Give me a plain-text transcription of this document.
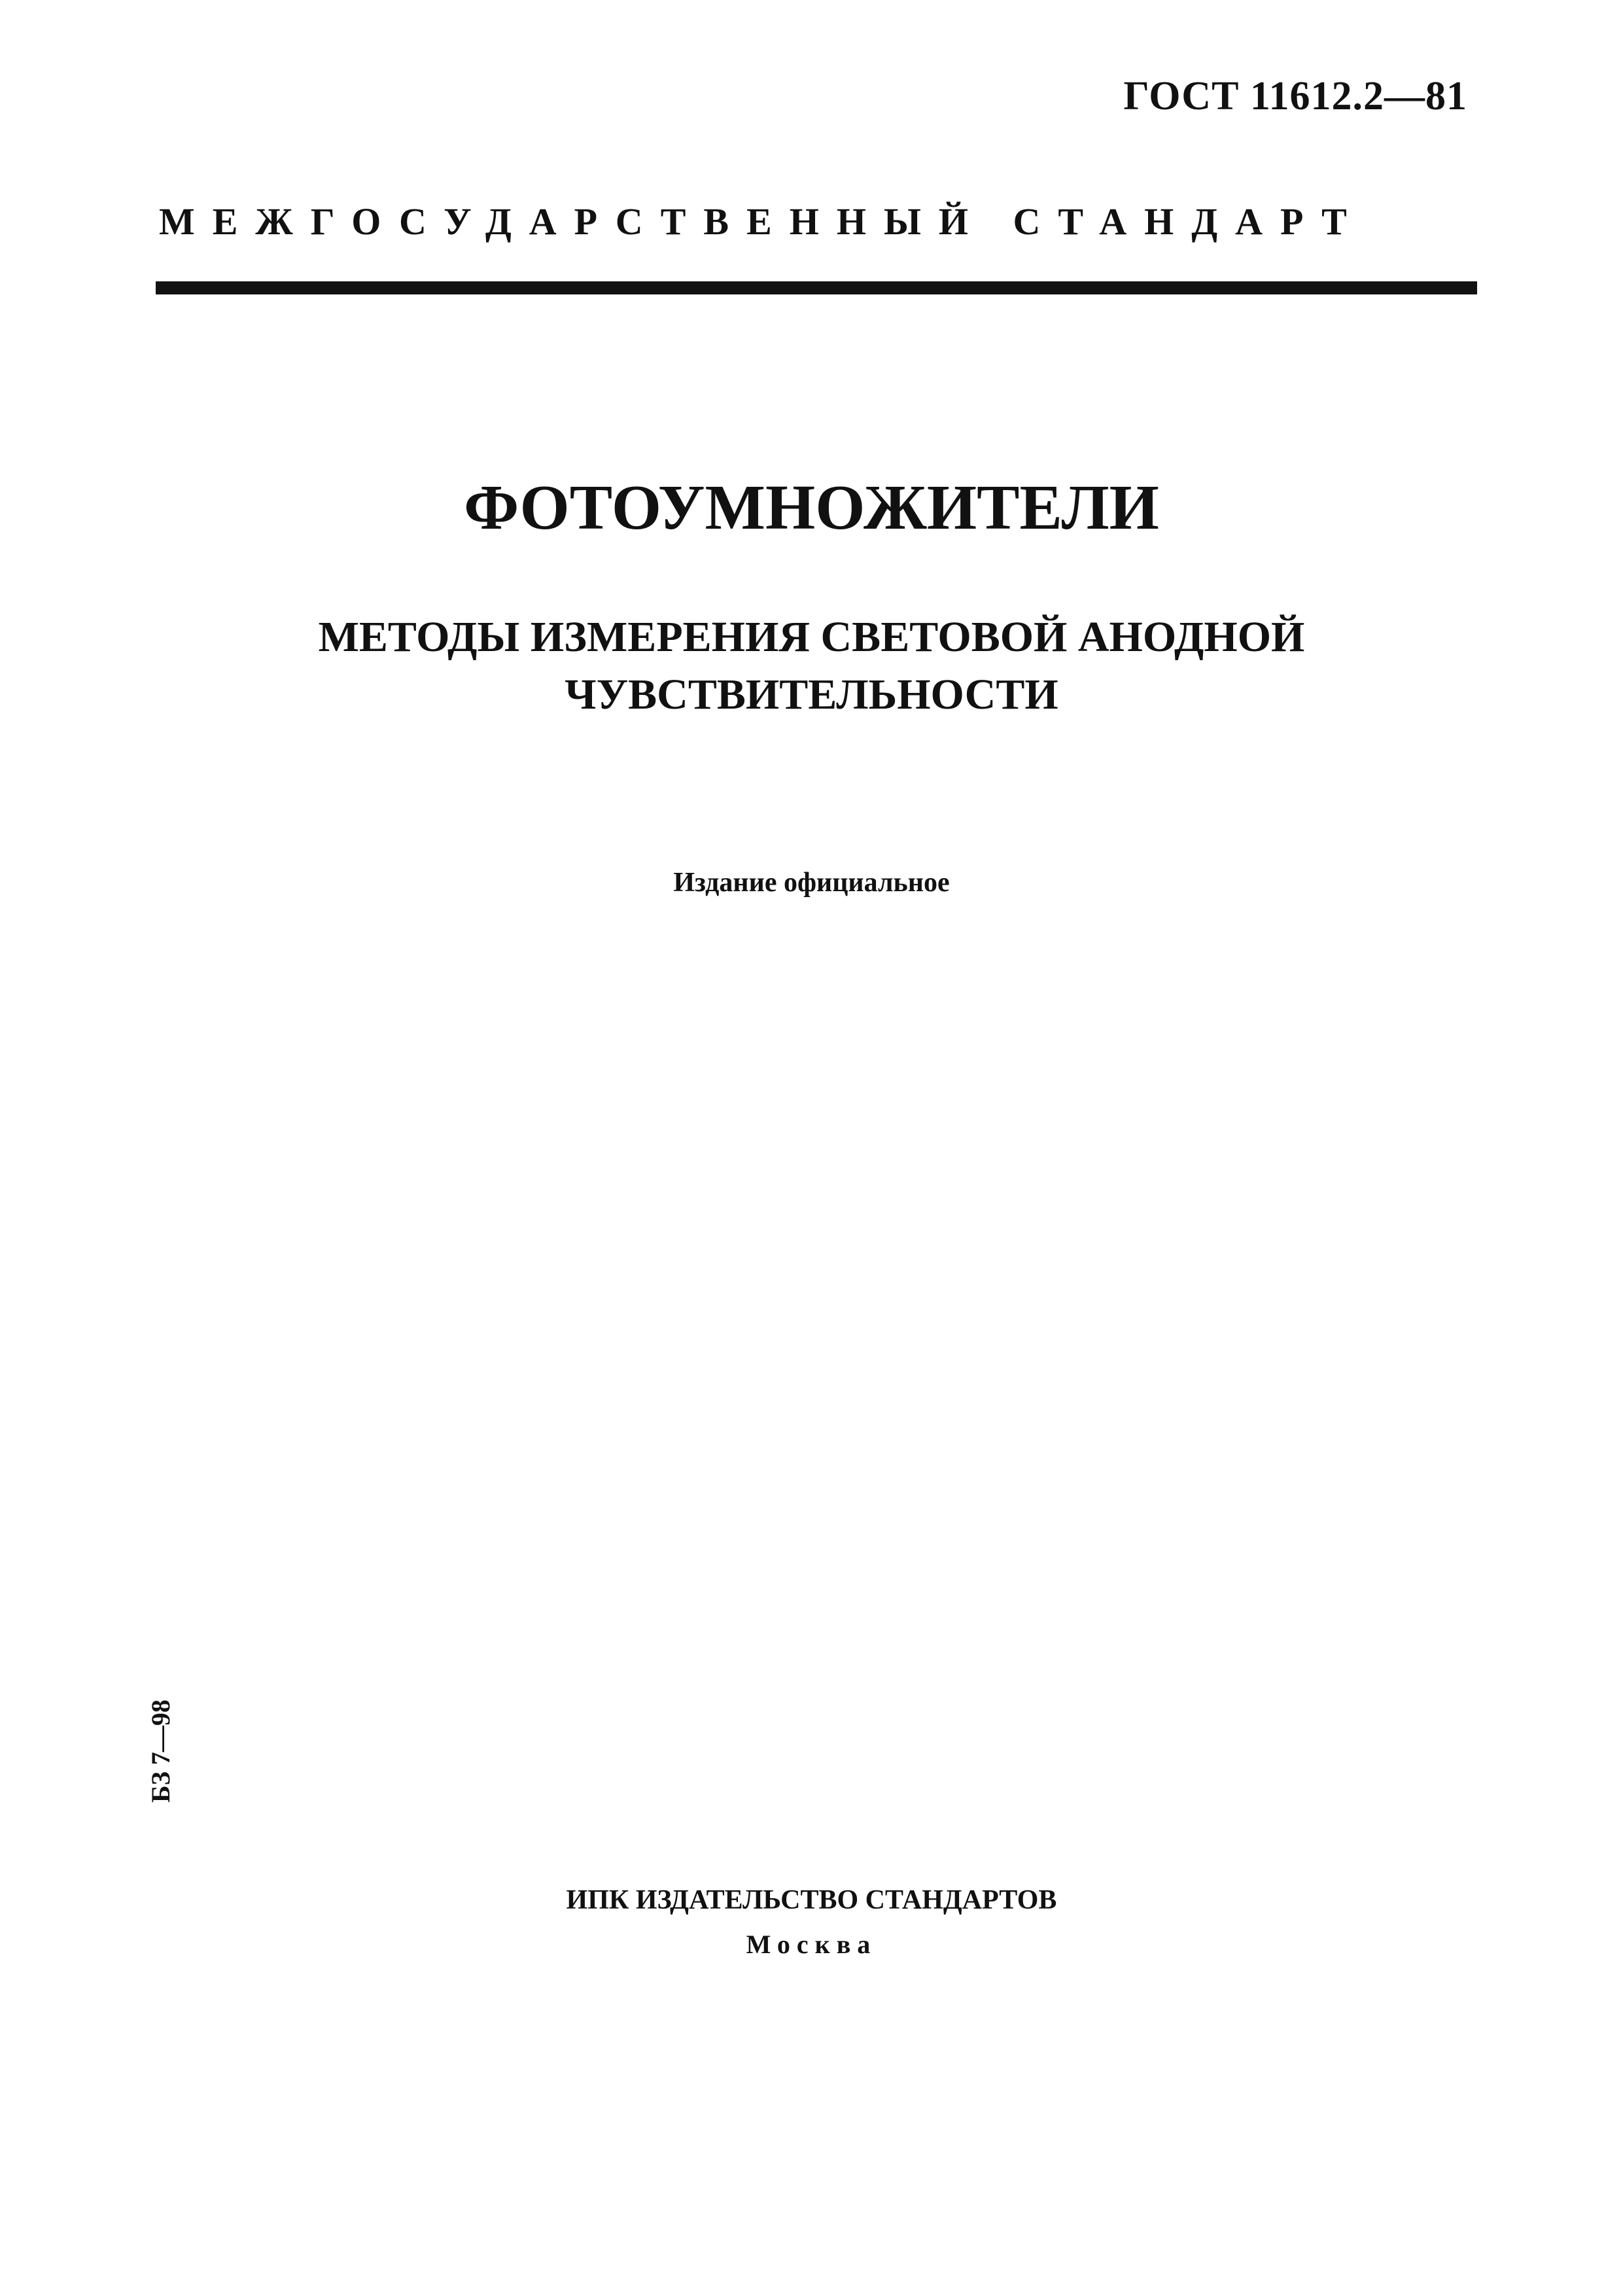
ГОСТ 11612.2—81
МЕЖГОСУДАРСТВЕННЫЙ СТАНДАРТ
ФОТОУМНОЖИТЕЛИ
МЕТОДЫ ИЗМЕРЕНИЯ СВЕТОВОЙ АНОДНОЙ
ЧУВСТВИТЕЛЬНОСТИ
Издание официальное
БЗ 7—98
ИПК ИЗДАТЕЛЬСТВО СТАНДАРТОВ
Москва
